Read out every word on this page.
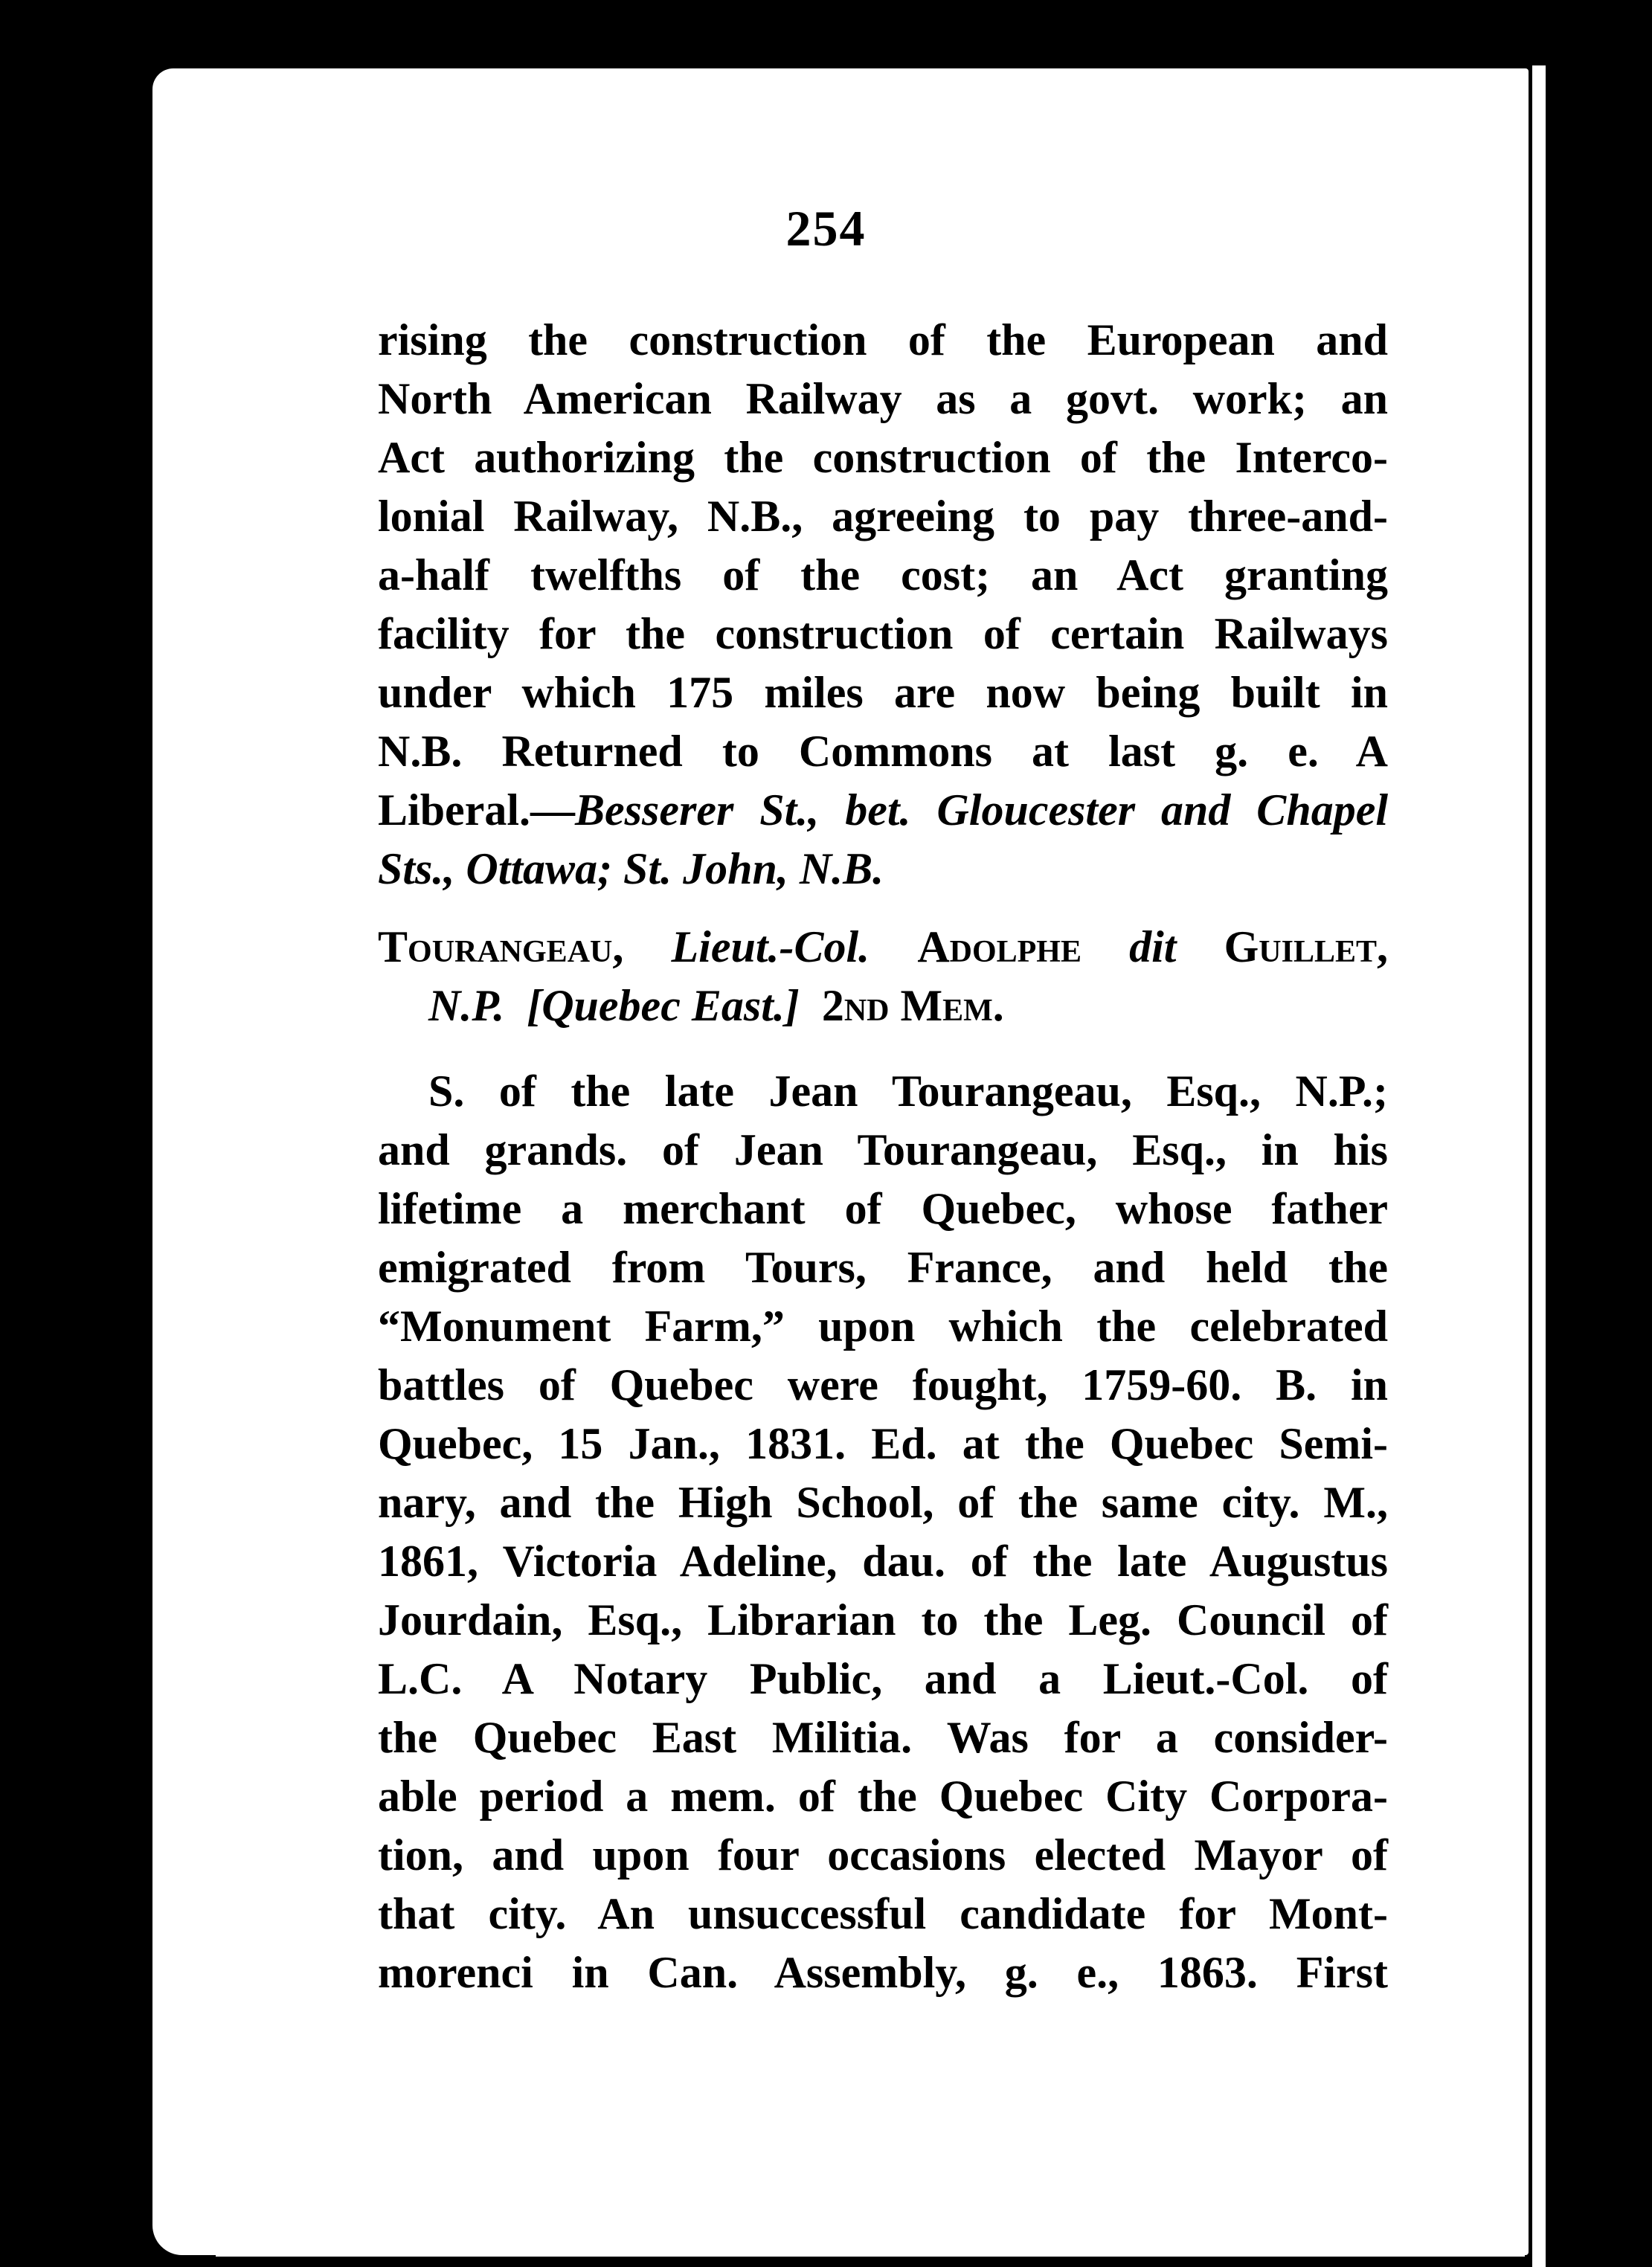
254
rising the construction of the European and
North American Railway as a govt. work; an
Act authorizing the construction of the Interco-
lonial Railway, N.B., agreeing to pay three-and-
a-half twelfths of the cost; an Act granting
facility for the construction of certain Railways
under which 175 miles are now being built in
N.B. Returned to Commons at last g. e. A
Liberal.—Besserer St., bet. Gloucester and Chapel
Sts., Ottawa; St. John, N.B.
Tourangeau, Lieut.-Col. Adolphe dit Guillet,
N.P. [Quebec East.] 2nd Mem.
S. of the late Jean Tourangeau, Esq., N.P.;
and grands. of Jean Tourangeau, Esq., in his
lifetime a merchant of Quebec, whose father
emigrated from Tours, France, and held the
“Monument Farm,” upon which the celebrated
battles of Quebec were fought, 1759-60. B. in
Quebec, 15 Jan., 1831. Ed. at the Quebec Semi-
nary, and the High School, of the same city. M.,
1861, Victoria Adeline, dau. of the late Augustus
Jourdain, Esq., Librarian to the Leg. Council of
L.C. A Notary Public, and a Lieut.-Col. of
the Quebec East Militia. Was for a consider-
able period a mem. of the Quebec City Corpora-
tion, and upon four occasions elected Mayor of
that city. An unsuccessful candidate for Mont-
morenci in Can. Assembly, g. e., 1863. First
